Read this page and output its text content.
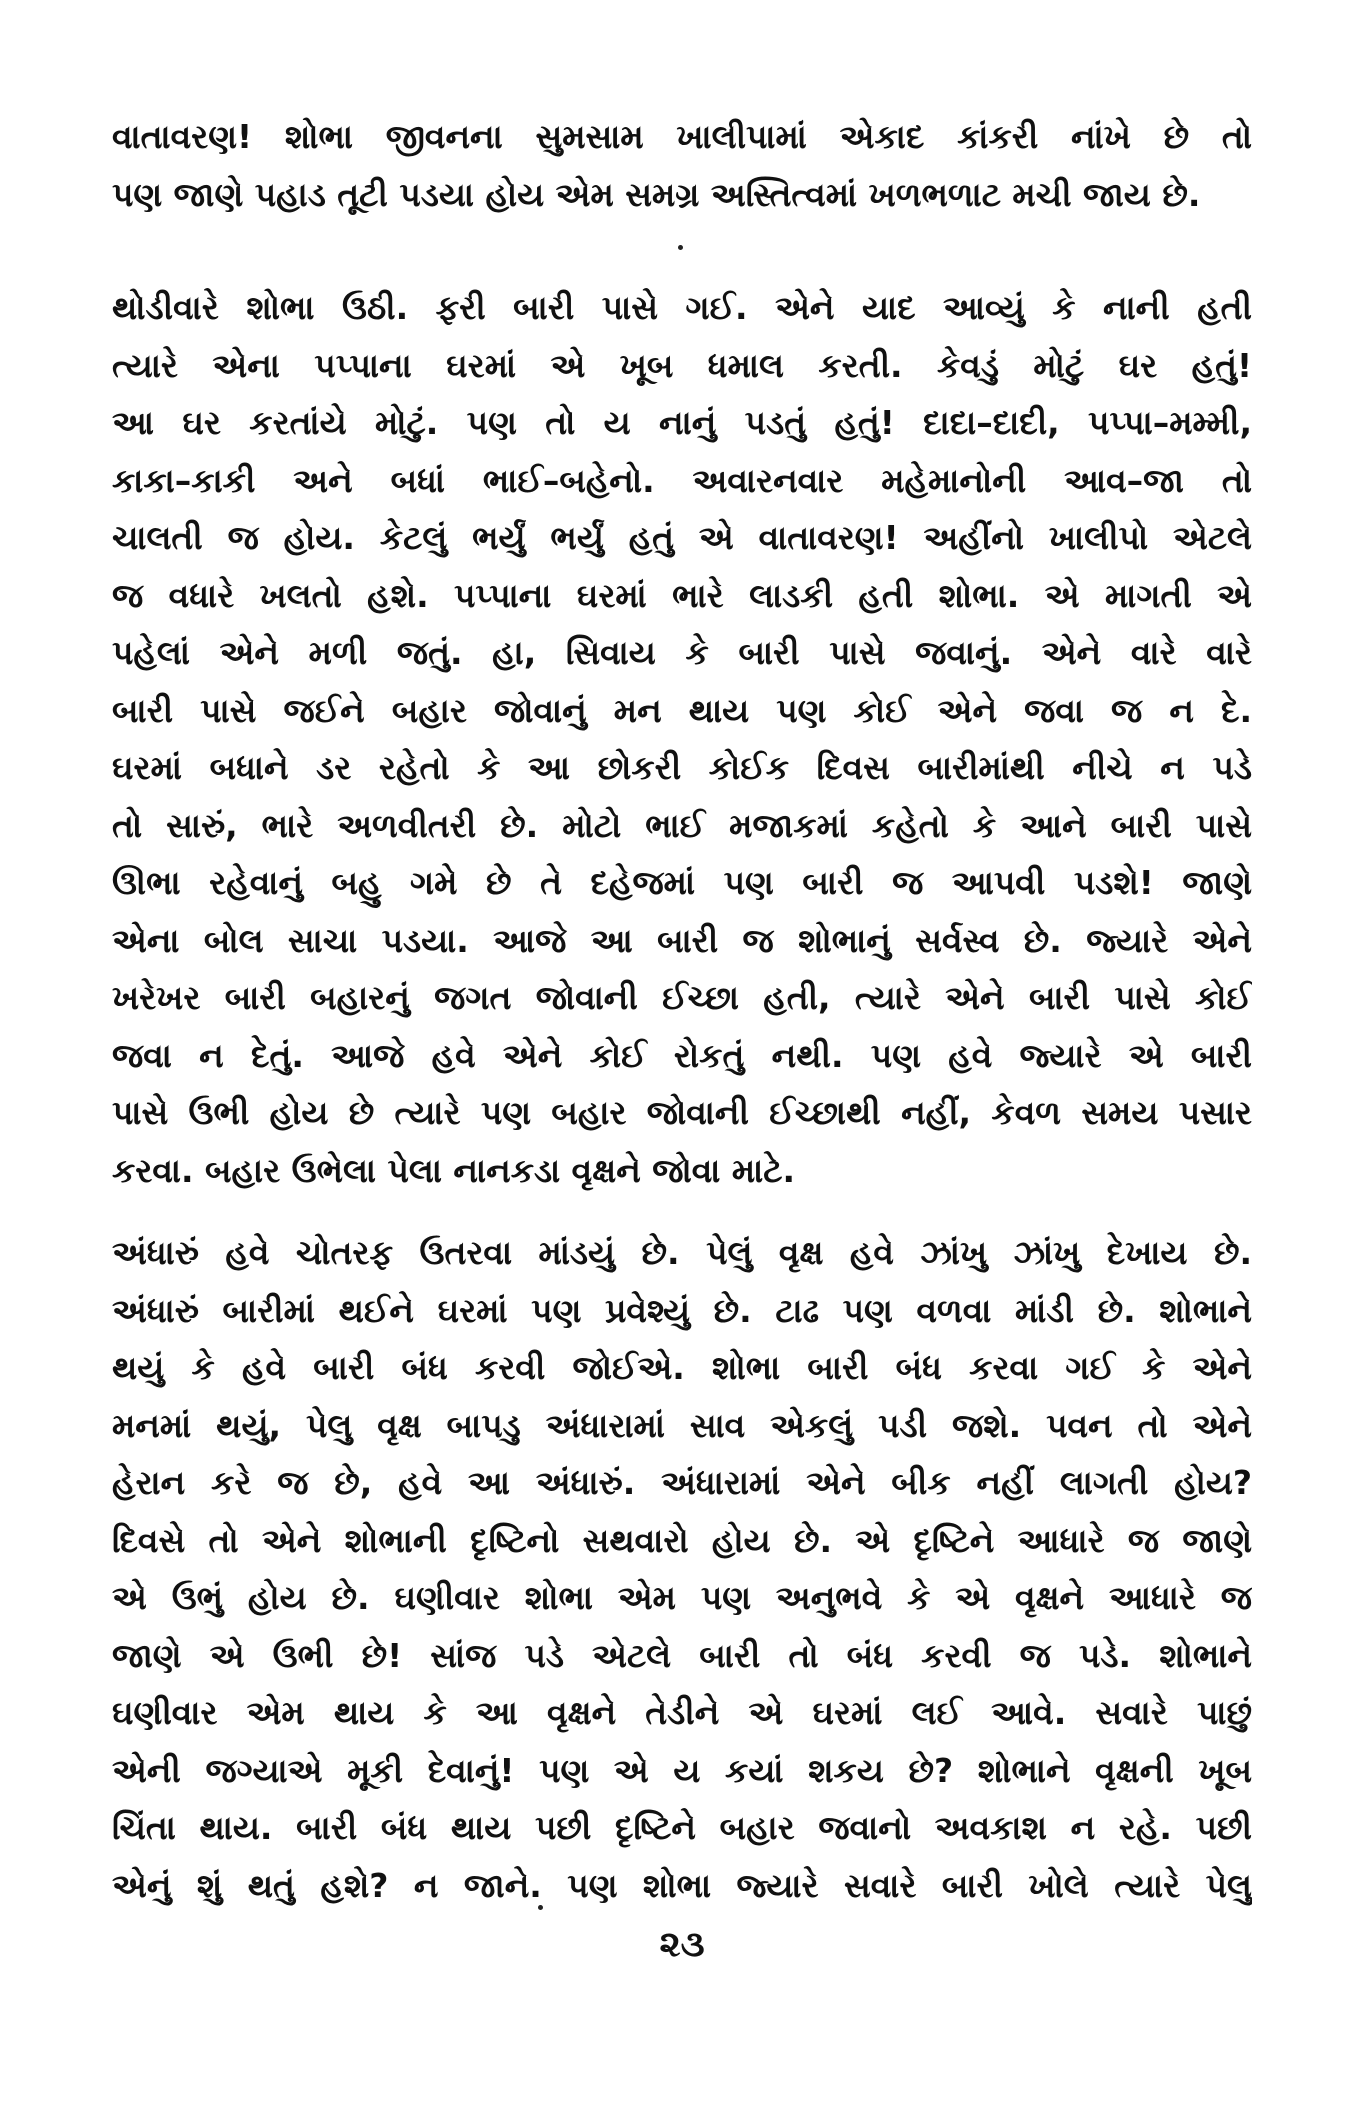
વાતાવરણ! શોભા જીવનના સુમસામ ખાલીપામાં એકાદ કાંકરી નાંખે છે તો
પણ જાણે પહાડ તૂટી પડયા હોય એમ સમગ્ર અસ્તિત્વમાં ખળભળાટ મચી જાય છે.
થોડીવારે શોભા ઉઠી. ફરી બારી પાસે ગઈ. એને યાદ આવ્યું કે નાની હતી
ત્યારે એના પપ્પાના ઘરમાં એ ખૂબ ધમાલ કરતી. કેવડું મોટું ઘર હતું!
આ ઘર કરતાંયે મોટું. પણ તો ય નાનું પડતું હતું! દાદા–દાદી, પપ્પા–મમ્મી,
કાકા–કાકી અને બધાં ભાઈ–બહેનો. અવારનવાર મહેમાનોની આવ–જા તો
ચાલતી જ હોય. કેટલું ભર્યું ભર્યું હતું એ વાતાવરણ! અહીંનો ખાલીપો એટલે
જ વધારે ખલતો હશે. પપ્પાના ઘરમાં ભારે લાડકી હતી શોભા. એ માગતી એ
પહેલાં એને મળી જતું. હા, સિવાય કે બારી પાસે જવાનું. એને વારે વારે
બારી પાસે જઈને બહાર જોવાનું મન થાય પણ કોઈ એને જવા જ ન દે.
ઘરમાં બધાને ડર રહેતો કે આ છોકરી કોઈક દિવસ બારીમાંથી નીચે ન પડે
તો સારું, ભારે અળવીતરી છે. મોટો ભાઈ મજાકમાં કહેતો કે આને બારી પાસે
ઊભા રહેવાનું બહુ ગમે છે તે દહેજમાં પણ બારી જ આપવી પડશે! જાણે
એના બોલ સાચા પડયા. આજે આ બારી જ શોભાનું સર્વસ્વ છે. જ્યારે એને
ખરેખર બારી બહારનું જગત જોવાની ઈચ્છા હતી, ત્યારે એને બારી પાસે કોઈ
જવા ન દેતું. આજે હવે એને કોઈ રોકતું નથી. પણ હવે જ્યારે એ બારી
પાસે ઉભી હોય છે ત્યારે પણ બહાર જોવાની ઈચ્છાથી નહીં, કેવળ સમય પસાર
કરવા. બહાર ઉભેલા પેલા નાનકડા વૃક્ષને જોવા માટે.
અંધારું હવે ચોતરફ ઉતરવા માંડયું છે. પેલું વૃક્ષ હવે ઝાંખુ ઝાંખુ દેખાય છે.
અંધારું બારીમાં થઈને ઘરમાં પણ પ્રવેશ્યું છે. ટાઢ પણ વળવા માંડી છે. શોભાને
થયું કે હવે બારી બંધ કરવી જોઈએ. શોભા બારી બંધ કરવા ગઈ કે એને
મનમાં થયું, પેલુ વૃક્ષ બાપડુ અંધારામાં સાવ એકલું પડી જશે. પવન તો એને
હેરાન કરે જ છે, હવે આ અંધારું. અંધારામાં એને બીક નહીં લાગતી હોય?
દિવસે તો એને શોભાની દૃષ્ટિનો સથવારો હોય છે. એ દૃષ્ટિને આધારે જ જાણે
એ ઉભું હોય છે. ઘણીવાર શોભા એમ પણ અનુભવે કે એ વૃક્ષને આધારે જ
જાણે એ ઉભી છે! સાંજ પડે એટલે બારી તો બંધ કરવી જ પડે. શોભાને
ઘણીવાર એમ થાય કે આ વૃક્ષને તેડીને એ ઘરમાં લઈ આવે. સવારે પાછું
એની જગ્યાએ મૂકી દેવાનું! પણ એ ય કયાં શકય છે? શોભાને વૃક્ષની ખૂબ
ચિંતા થાય. બારી બંધ થાય પછી દૃષ્ટિને બહાર જવાનો અવકાશ ન રહે. પછી
એનું શું થતું હશે? ન જાને. પણ શોભા જ્યારે સવારે બારી ખોલે ત્યારે પેલુ
૨૩
